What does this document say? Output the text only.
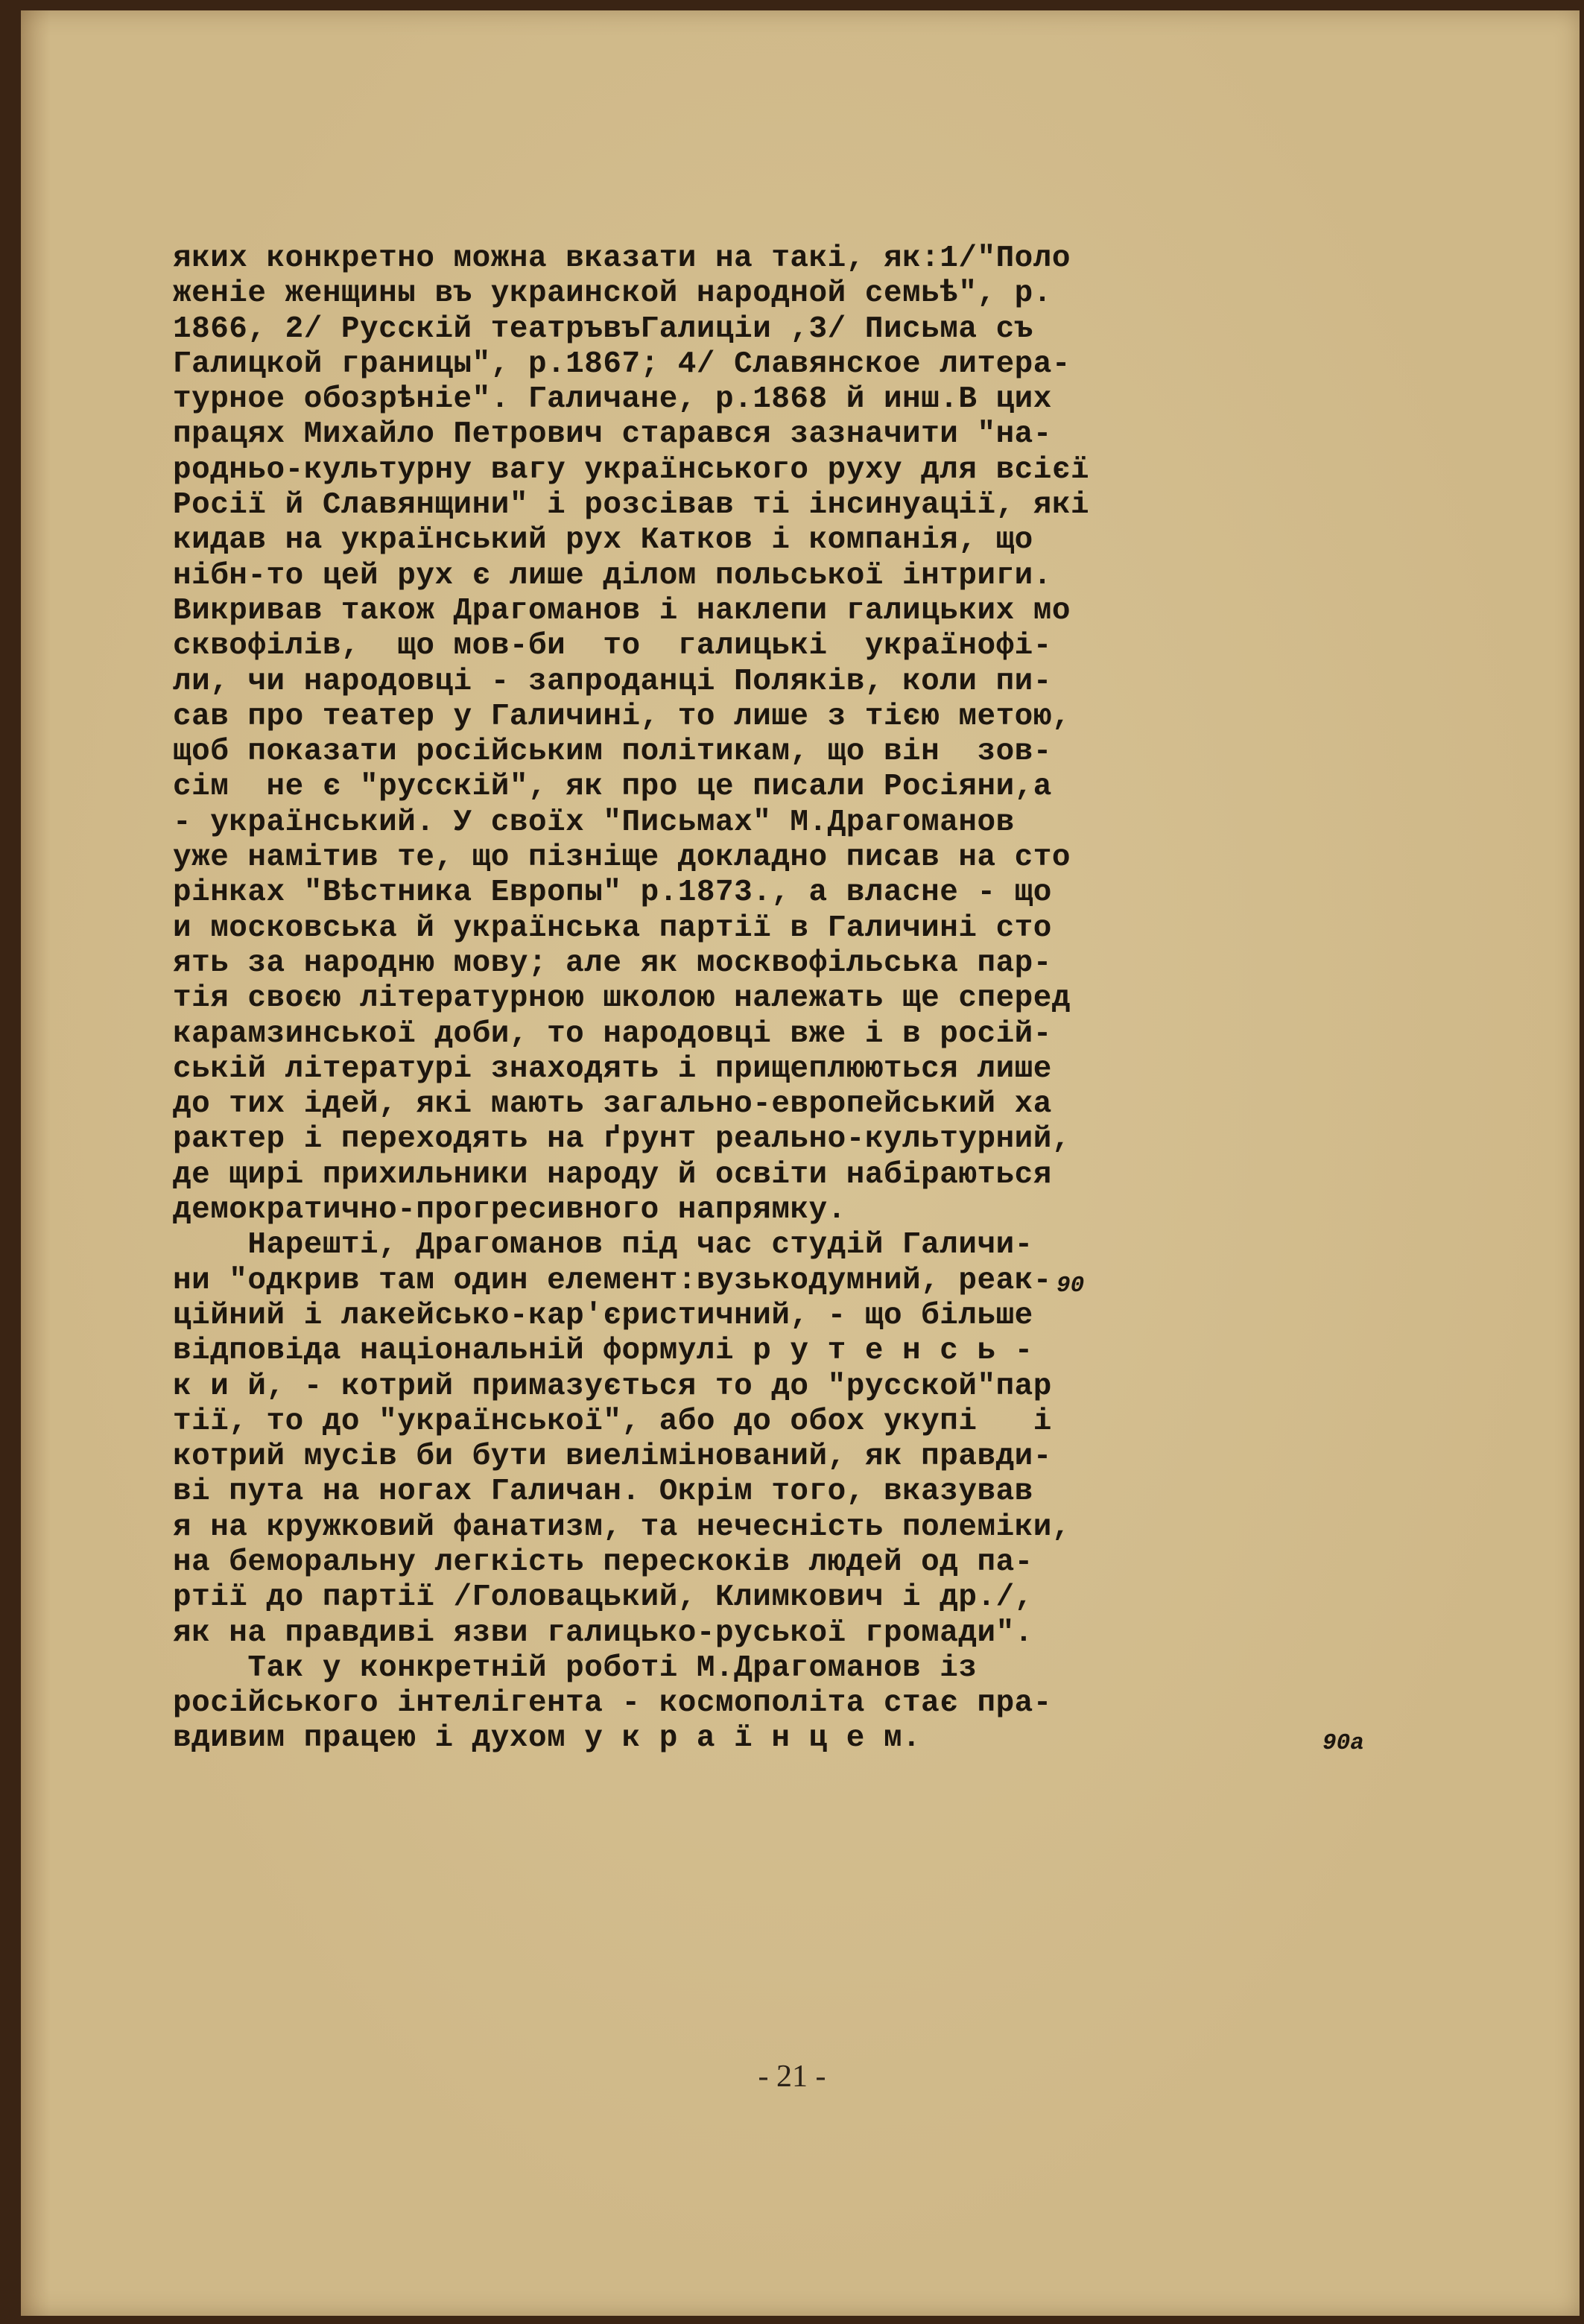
яких конкретно можна вказати на такі, як:1/"Поло
женіе женщины въ украинской народной семьѣ", р.
1866, 2/ Русскій театръвъГалиціи ,3/ Письма съ
Галицкой границы", р.1867; 4/ Славянское литера-
турное обозрѣніе". Галичане, р.1868 й инш.В цих
працях Михайло Петрович старався зазначити "на-
родньо-культурну вагу українського руху для всієї
Росії й Славянщини" і розсівав ті інсинуації, які
кидав на український рух Катков і компанія, що
нібн-то цей рух є лише ділом польської інтриги.
Викривав також Драгоманов і наклепи галицьких мо
сквофілів,  що мов-би  то  галицькі  українофі-
ли, чи народовці - запроданці Поляків, коли пи-
сав про театер у Галичині, то лише з тією метою,
щоб показати російським політикам, що він  зов-
сім  не є "русскій", як про це писали Росіяни,а
- український. У своїх "Письмах" М.Драгоманов
уже намітив те, що пізніще докладно писав на сто
рінках "Вѣстника Европы" р.1873., а власне - що
и московська й українська партії в Галичині сто
ять за народню мову; але як москвофільська пар-
тія своєю літературною школою належать ще сперед
карамзинської доби, то народовці вже і в росій-
ській літературі знаходять і прищеплюються лише
до тих ідей, які мають загально-европейський ха
рактер і переходять на ґрунт реально-культурний,
де щирі прихильники народу й освіти набіраються
демократично-прогресивного напрямку.
Нарешті, Драгоманов під час студій Галичи-
ни "одкрив там один елемент:вузькодумний, реак-
ційний і лакейсько-кар'єристичний, - що більше
відповіда національній формулі р у т е н с ь -
к и й, - котрий примазується то до "русской"пар
тії, то до "української", або до обох укупі   і
котрий мусів би бути виелімінований, як правди-
ві пута на ногах Галичан. Окрім того, вказував
я на кружковий фанатизм, та нечесність полеміки,
на беморальну легкість перескоків людей од па-
ртії до партії /Головацький, Климкович і др./,
як на правдиві язви галицько-руської громади".
Так у конкретній роботі М.Драгоманов із
російського інтелігента - космополіта стає пра-
вдивим працею і духом у к р а ї н ц е м.
90
90a
- 21 -
